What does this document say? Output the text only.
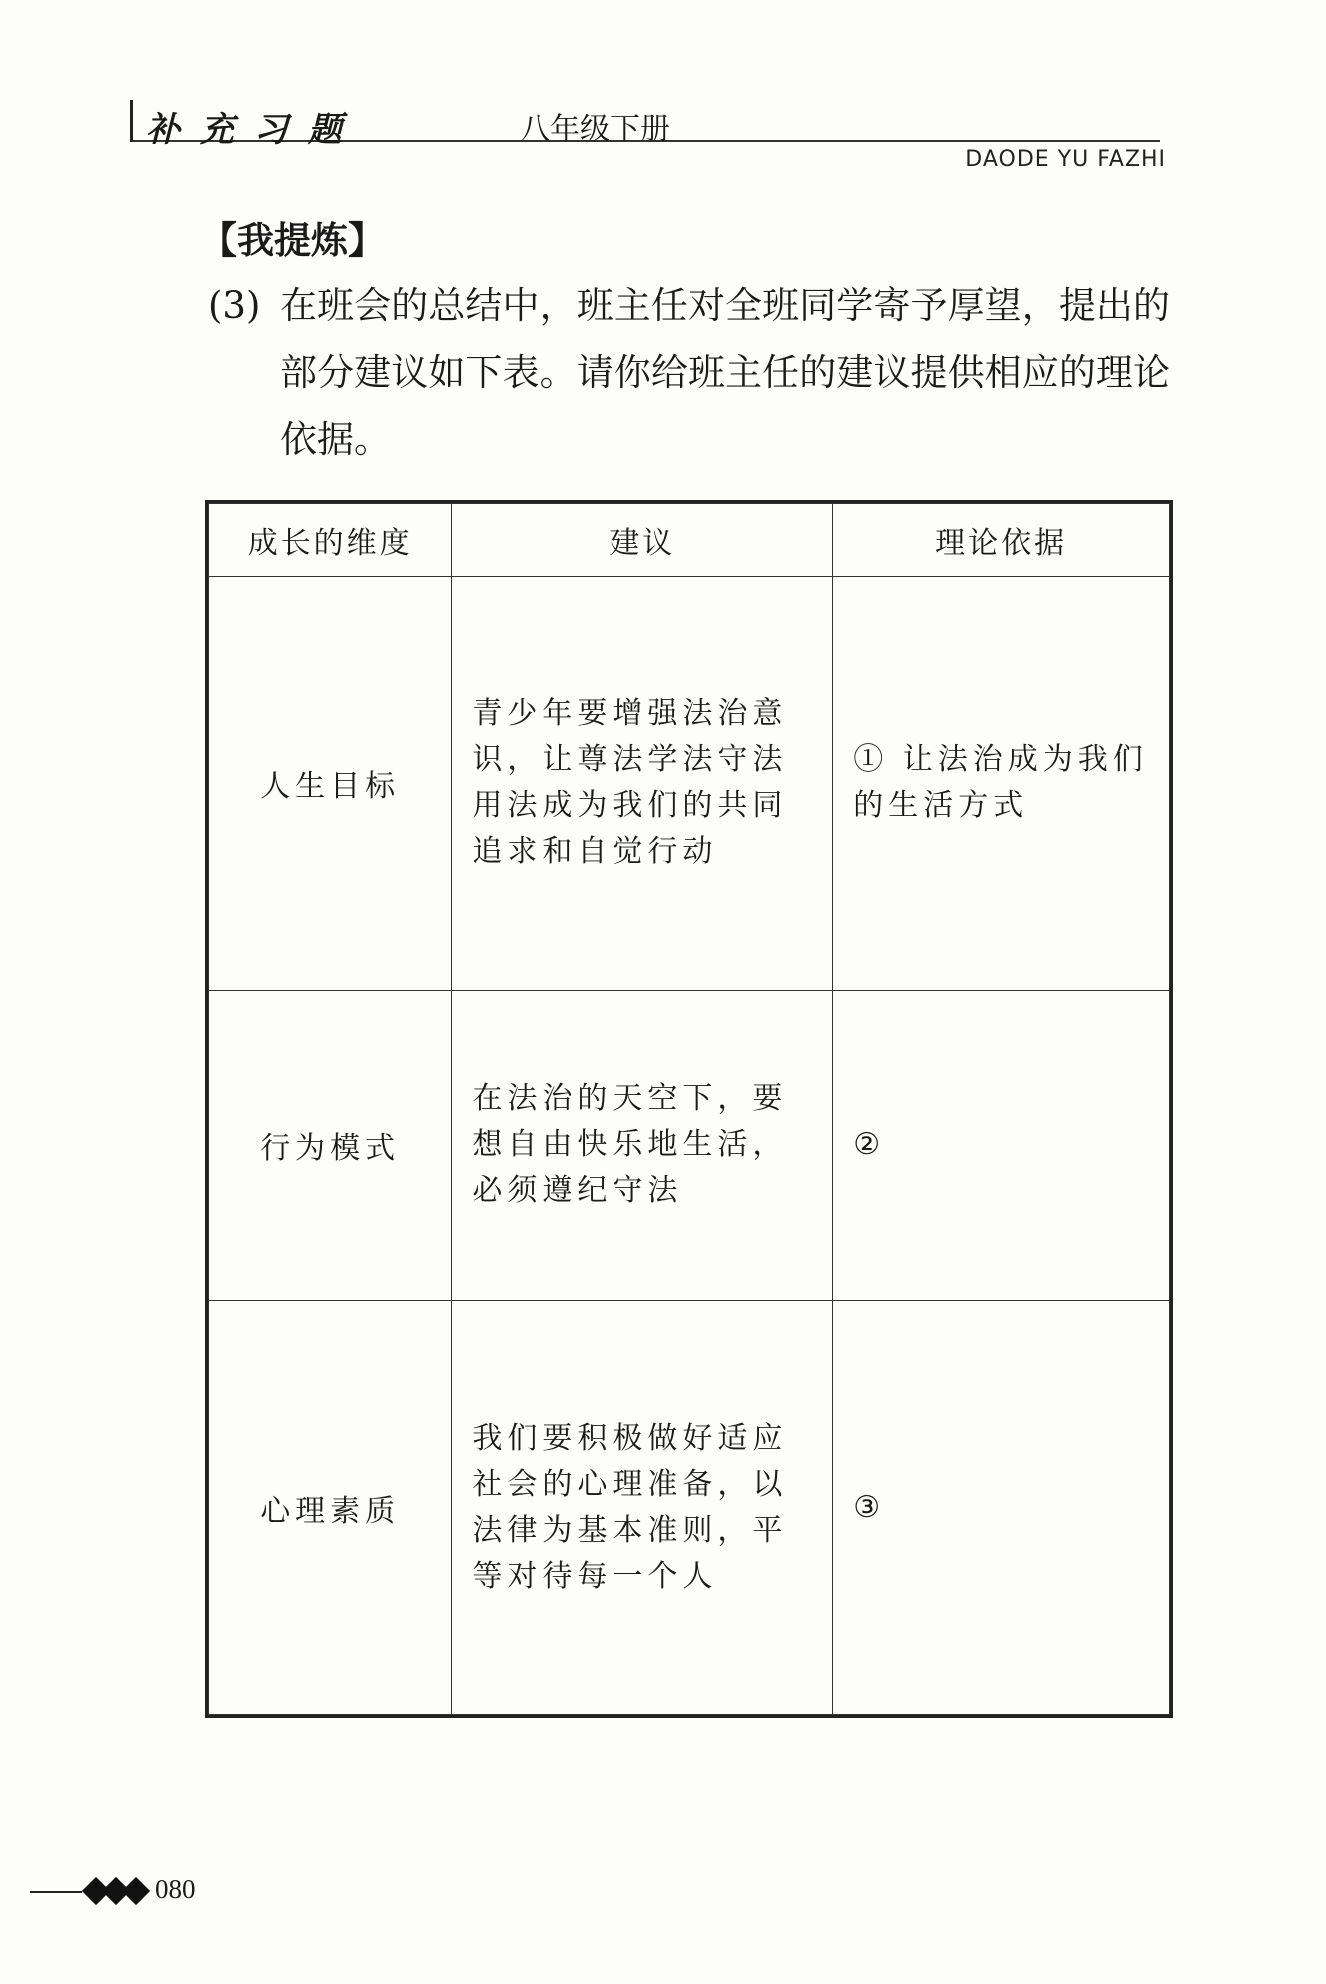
补充习题	八年级下册
DAODE YU FAZHI
【我提炼】
(3) 在班会的总结中，班主任对全班同学寄予厚望，提出的部分建议如下表。请你给班主任的建议提供相应的理论依据。
成长的维度	建议	理论依据
人生目标	青少年要增强法治意识，让尊法学法守法用法成为我们的共同追求和自觉行动	① 让法治成为我们的生活方式
行为模式	在法治的天空下，要想自由快乐地生活，必须遵纪守法	②
心理素质	我们要积极做好适应社会的心理准备，以法律为基本准则，平等对待每一个人	③
080
